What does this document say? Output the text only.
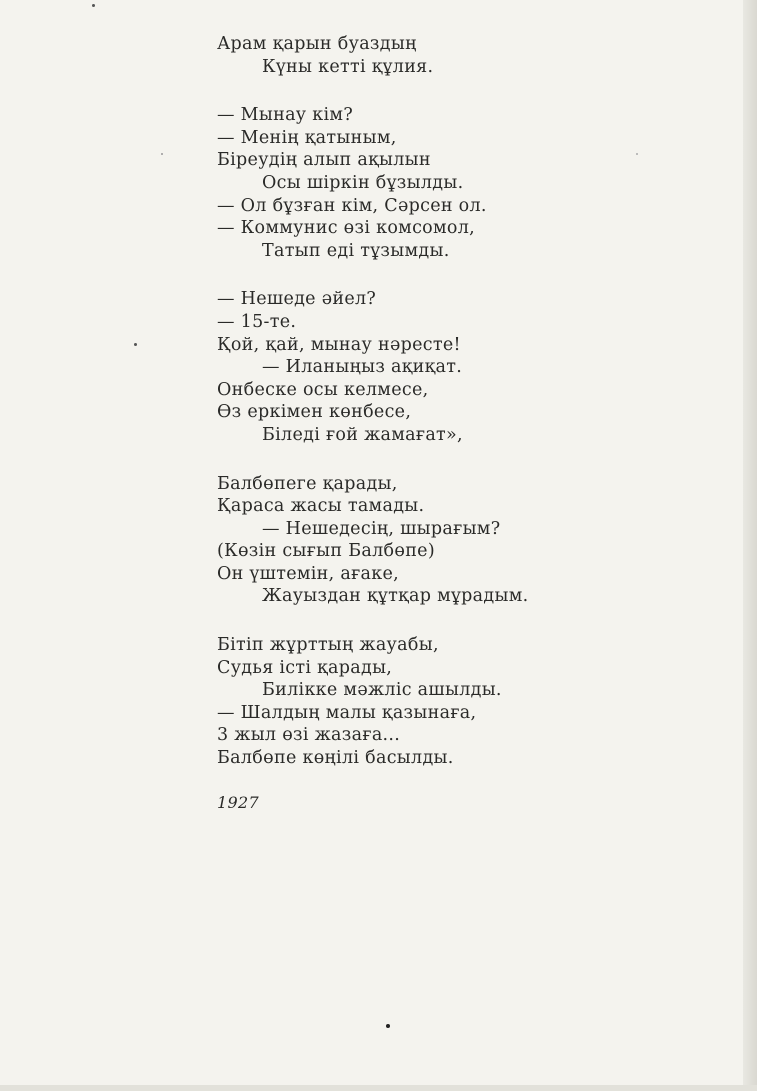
Арам қарын буаздың
Күны кетті құлия.
— Мынау кім?
— Менің қатыным,
Біреудің алып ақылын
Осы шіркін бұзылды.
— Ол бұзған кім, Сәрсен ол.
— Коммунис өзі комсомол,
Татып еді тұзымды.
— Нешеде әйел?
— 15-те.
Қой, қай, мынау нәресте!
— Иланыңыз ақиқат.
Онбеске осы келмесе,
Өз еркімен көнбесе,
Біледі ғой жамағат»,
Балбөпеге қарады,
Қараса жасы тамады.
— Нешедесің, шырағым?
(Көзін сығып Балбөпе)
Он үштемін, ағаке,
Жауыздан құтқар мұрадым.
Бітіп жұрттың жауабы,
Судья істі қарады,
Билікке мәжліс ашылды.
— Шалдың малы қазынаға,
3 жыл өзі жазаға...
Балбөпе көңілі басылды.
1927
